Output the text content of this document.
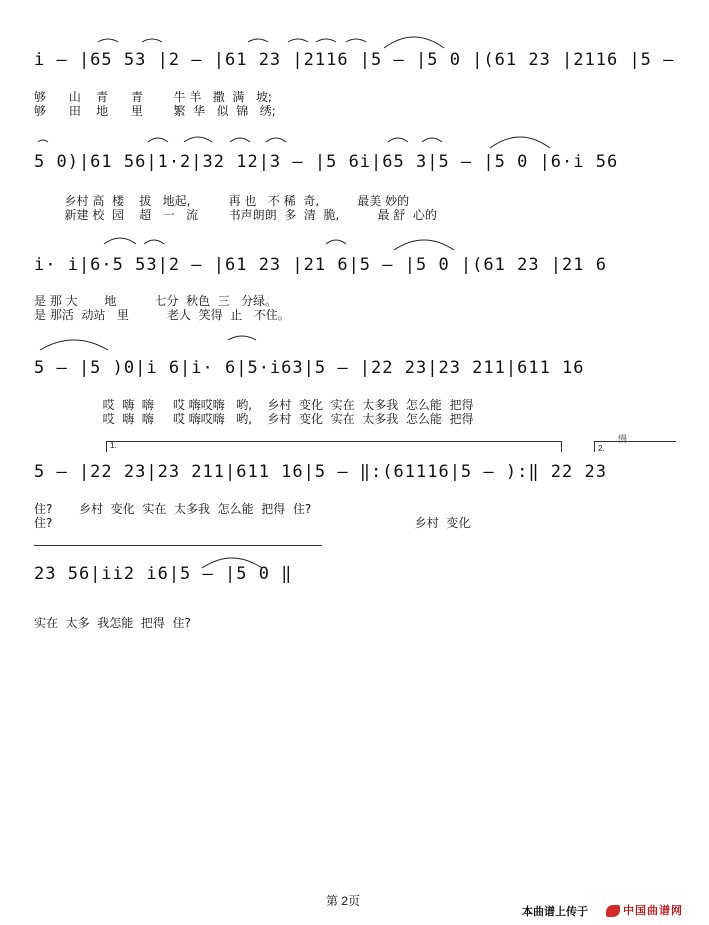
i̇ – |65 53 |2 – |61 23 |2116 |5 – |5 0 |(61 23 |2116 |5 –
够      山    青      青        牛 羊   撒  满   坡;
够      田    地      里        繁  华   似  锦   绣;
5 0)|61 56|1·2|32 12|3 – |5 6i̇|65 3|5 – |5 0 |6·i̇ 56
乡村 高  楼    拔   地起,          再 也   不 稀  奇,          最美 妙的
新建 校  园    超   一   流        书声朗朗  多  清  脆,          最 舒  心的
i̇· i̇|6·5 53|2 – |61 23 |21 6|5 – |5 0 |(61 23 |21 6
是 那 大       地          七分  秋色  三   分绿。
是 那活  动站   里          老人  笑得  止   不住。
5 – |5 )0|i̇ 6|i̇· 6|5·i̇63|5 – |22 23|23 211|611 16
哎  嗨  嗨     哎 嗨哎嗨   哟,    乡村  变化  实在  太多我  怎么能  把得
哎  嗨  嗨     哎 嗨哎嗨   哟,    乡村  变化  实在  太多我  怎么能  把得
1.	2.
慢
5 – |22 23|23 211|611 16|5 – ‖:(61116|5 – ):‖ 22 23
住?       乡村  变化  实在  太多我  怎么能  把得  住?
住?                                                                                               乡村  变化
23 56|i̇i̇2 i̇6|5 – |5 0 ‖
实在  太多  我怎能  把得  住?
第 2页
本曲谱上传于	中国曲谱网
